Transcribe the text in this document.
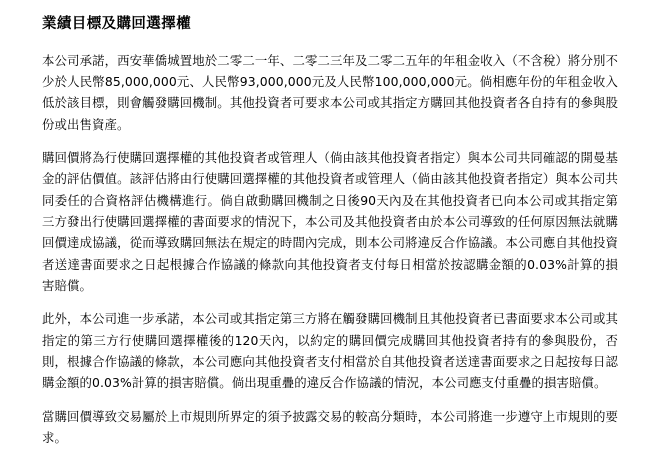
業績目標及購回選擇權

本公司承諾，西安華僑城置地於二零二一年、二零二三年及二零二五年的年租金收入（不含稅）將分別不少於人民幣85,000,000元、人民幣93,000,000元及人民幣100,000,000元。倘相應年份的年租金收入低於該目標，則會觸發購回機制。其他投資者可要求本公司或其指定方購回其他投資者各自持有的參與股份或出售資產。

購回價將為行使購回選擇權的其他投資者或管理人（倘由該其他投資者指定）與本公司共同確認的開曼基金的評估價值。該評估將由行使購回選擇權的其他投資者或管理人（倘由該其他投資者指定）與本公司共同委任的合資格評估機構進行。倘自啟動購回機制之日後90天內及在其他投資者已向本公司或其指定第三方發出行使購回選擇權的書面要求的情況下，本公司及其他投資者由於本公司導致的任何原因無法就購回價達成協議，從而導致購回無法在規定的時間內完成，則本公司將違反合作協議。本公司應自其他投資者送達書面要求之日起根據合作協議的條款向其他投資者支付每日相當於按認購金額的0.03%計算的損害賠償。

此外，本公司進一步承諾，本公司或其指定第三方將在觸發購回機制且其他投資者已書面要求本公司或其指定的第三方行使購回選擇權後的120天內，以約定的購回價完成購回其他投資者持有的參與股份，否則，根據合作協議的條款，本公司應向其他投資者支付相當於自其他投資者送達書面要求之日起按每日認購金額的0.03%計算的損害賠償。倘出現重疊的違反合作協議的情況，本公司應支付重疊的損害賠償。

當購回價導致交易屬於上市規則所界定的須予披露交易的較高分類時，本公司將進一步遵守上市規則的要求。
